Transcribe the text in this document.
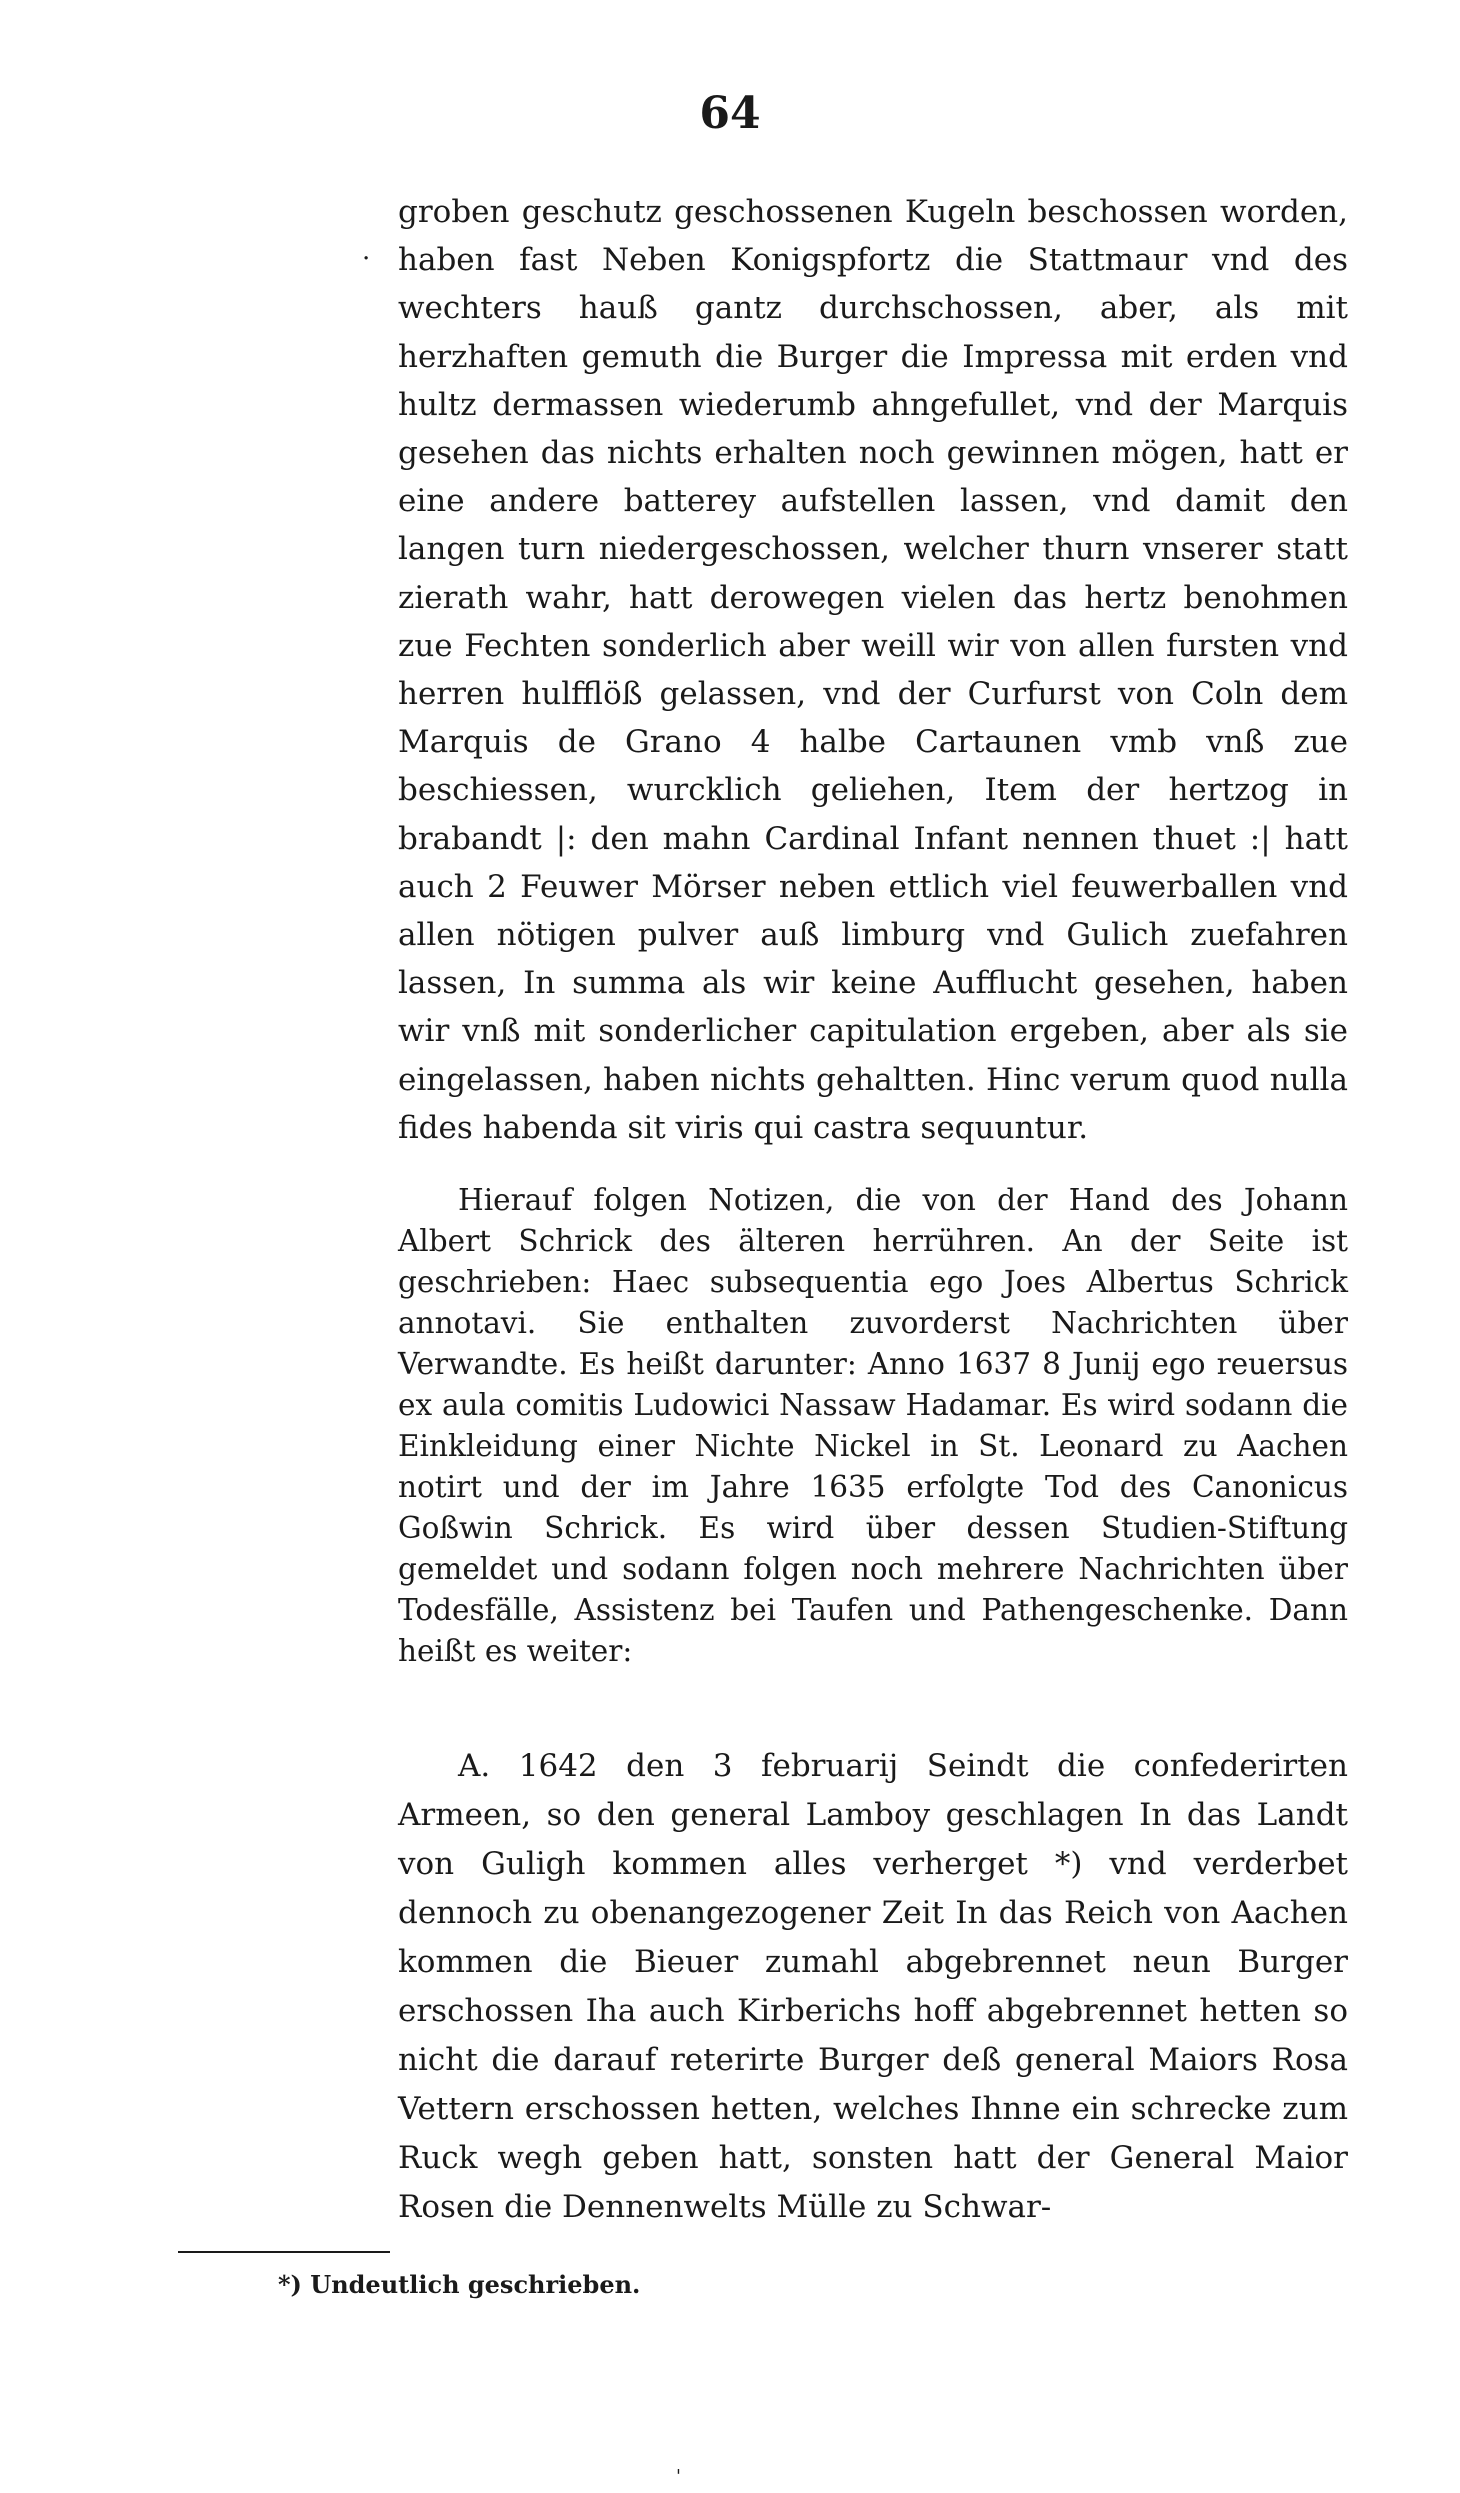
64
·
groben geschutz geschossenen Kugeln beschossen worden, haben fast Neben Konigspfortz die Stattmaur vnd des wechters hauß gantz durchschossen, aber, als mit herzhaften gemuth die Burger die Impressa mit erden vnd hultz dermassen wiederumb ahngefullet, vnd der Marquis gesehen das nichts erhalten noch gewinnen mögen, hatt er eine andere batterey aufstellen lassen, vnd damit den langen turn niedergeschossen, welcher thurn vnserer statt zierath wahr, hatt derowegen vielen das hertz benohmen zue Fechten sonderlich aber weill wir von allen fursten vnd herren hulfflöß gelassen, vnd der Curfurst von Coln dem Marquis de Grano 4 halbe Cartaunen vmb vnß zue beschiessen, wurcklich geliehen, Item der hertzog in brabandt |: den mahn Cardinal Infant nennen thuet :| hatt auch 2 Feuwer Mörser neben ettlich viel feuwerballen vnd allen nötigen pulver auß limburg vnd Gulich zuefahren lassen, In summa als wir keine Aufflucht gesehen, haben wir vnß mit sonderlicher capitulation ergeben, aber als sie eingelassen, haben nichts gehaltten. Hinc verum quod nulla fides habenda sit viris qui castra sequuntur.
Hierauf folgen Notizen, die von der Hand des Johann Albert Schrick des älteren herrühren. An der Seite ist geschrieben: Haec subsequentia ego Joes Albertus Schrick annotavi. Sie enthalten zuvorderst Nachrichten über Verwandte. Es heißt darunter: Anno 1637 8 Junij ego reuersus ex aula comitis Ludowici Nassaw Hadamar. Es wird sodann die Einkleidung einer Nichte Nickel in St. Leonard zu Aachen notirt und der im Jahre 1635 erfolgte Tod des Canonicus Goßwin Schrick. Es wird über dessen Studien-Stiftung gemeldet und sodann folgen noch mehrere Nachrichten über Todesfälle, Assistenz bei Taufen und Pathengeschenke. Dann heißt es weiter:
A. 1642 den 3 februarij Seindt die confederirten Armeen, so den general Lamboy geschlagen In das Landt von Guligh kommen alles verherget *) vnd verderbet dennoch zu obenangezogener Zeit In das Reich von Aachen kommen die Bieuer zumahl abgebrennet neun Burger erschossen Iha auch Kirberichs hoff abgebrennet hetten so nicht die darauf reterirte Burger deß general Maiors Rosa Vettern erschossen hetten, welches Ihnne ein schrecke zum Ruck wegh geben hatt, sonsten hatt der General Maior Rosen die Dennenwelts Mülle zu Schwar-
*) Undeutlich geschrieben.
'
